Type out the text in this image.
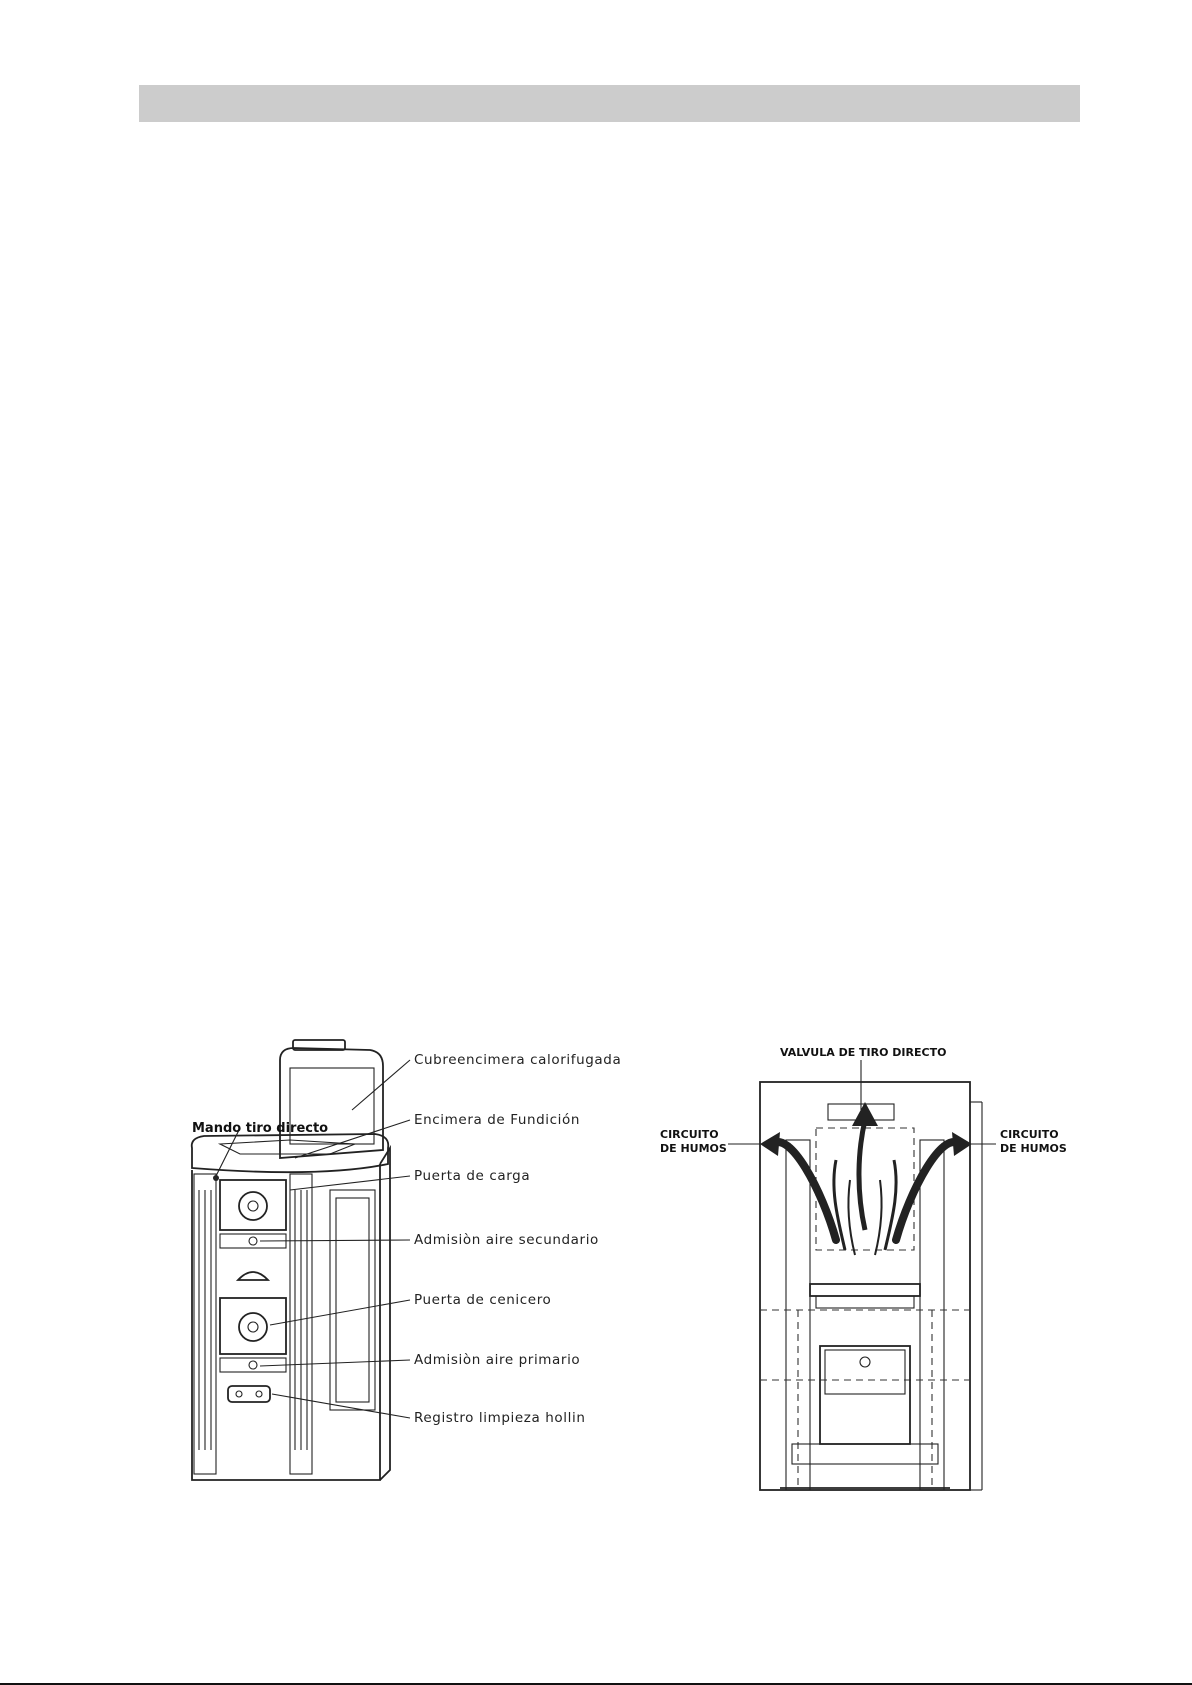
Cubreencimera calorifugada
Encimera de Fundición
Puerta de carga
Admisiòn aire secundario
Puerta de cenicero
Admisiòn aire primario
Registro limpieza hollin
Mando tiro directo
VALVULA DE TIRO DIRECTO
CIRCUITO
DE HUMOS
CIRCUITO
DE HUMOS
